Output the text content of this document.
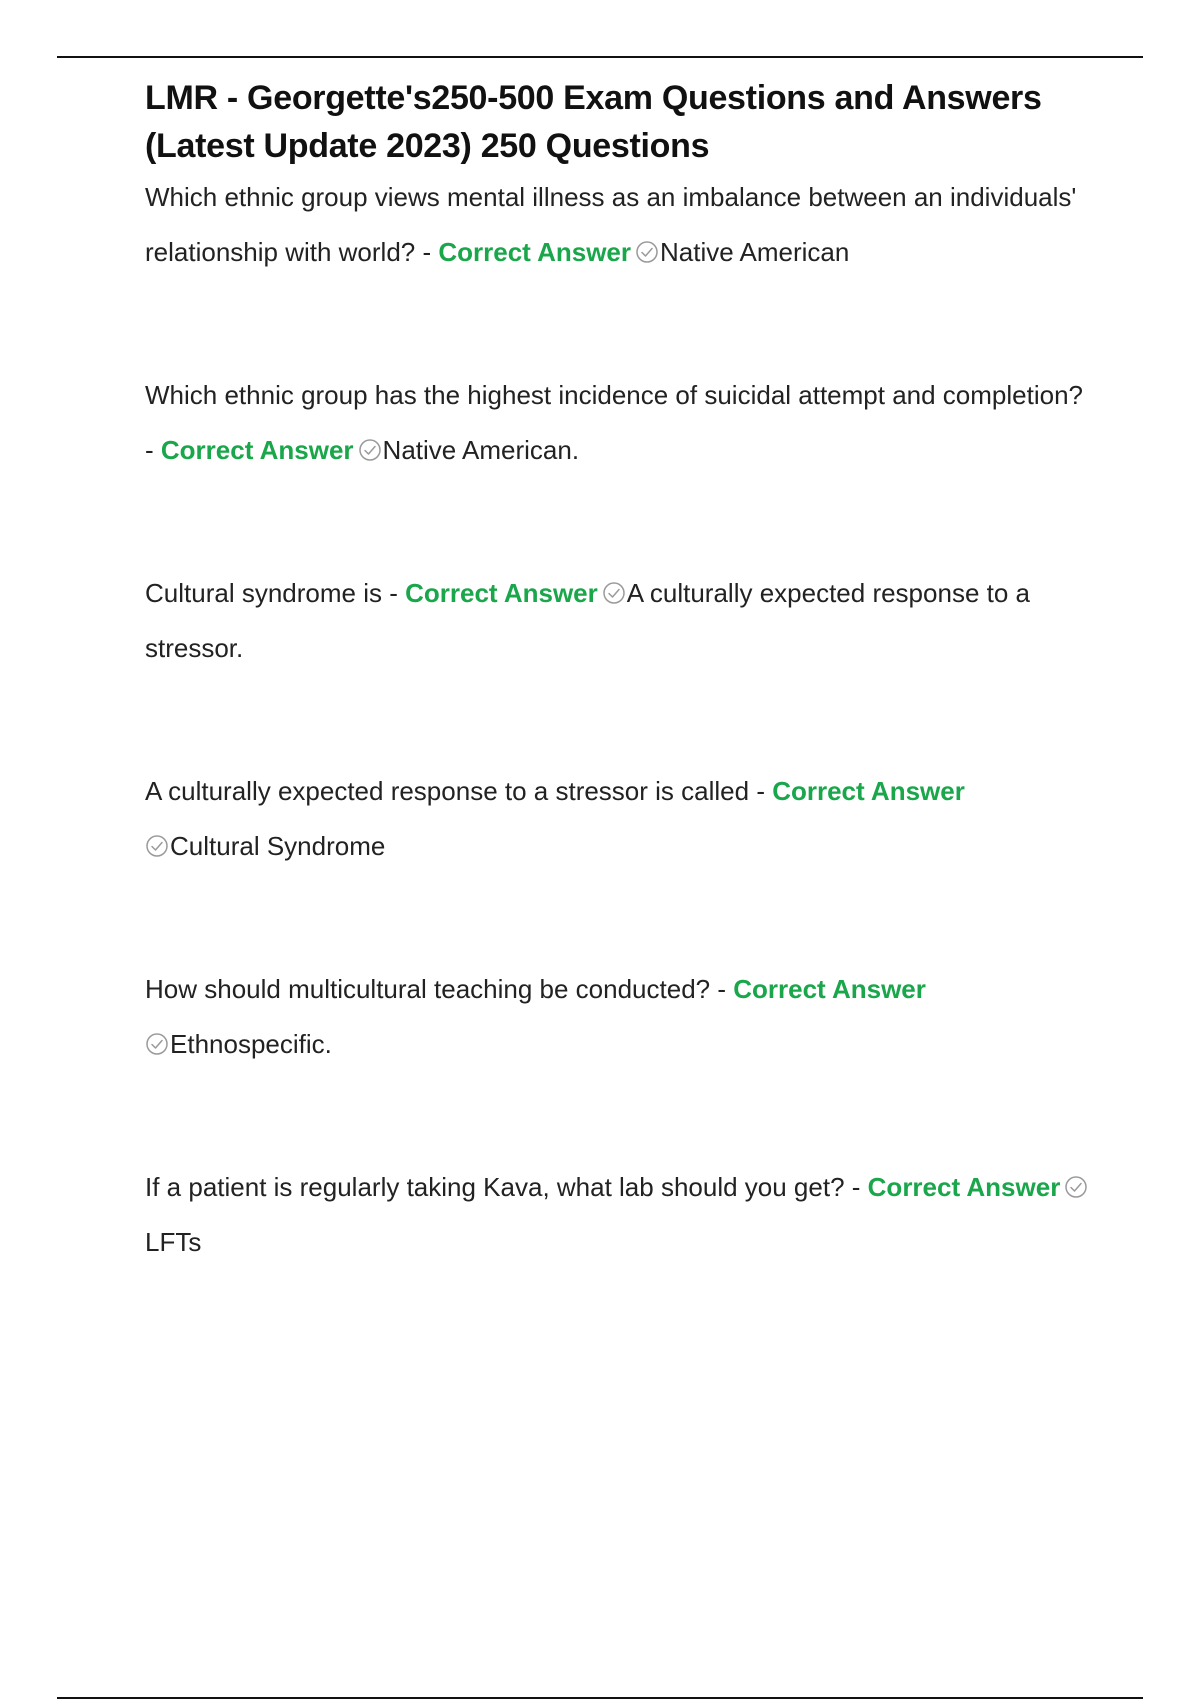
LMR - Georgette's250-500 Exam Questions and Answers (Latest Update 2023) 250 Questions

Which ethnic group views mental illness as an imbalance between an individuals' relationship with world? - Correct Answer Native American

Which ethnic group has the highest incidence of suicidal attempt and completion? - Correct Answer Native American.

Cultural syndrome is - Correct Answer A culturally expected response to a stressor.

A culturally expected response to a stressor is called - Correct Answer

Cultural Syndrome

How should multicultural teaching be conducted? - Correct Answer

Ethnospecific.

If a patient is regularly taking Kava, what lab should you get? - Correct Answer
LFTs
